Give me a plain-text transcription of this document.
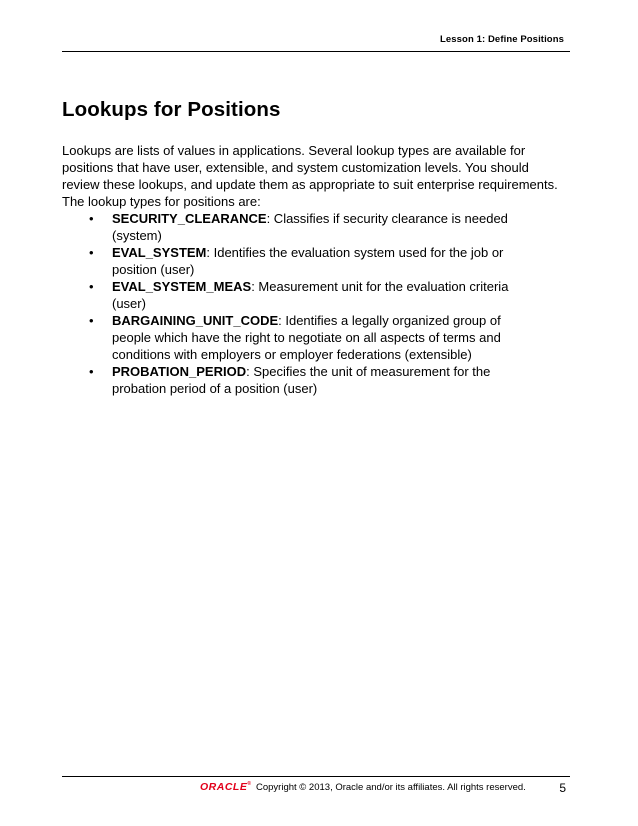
Lesson 1: Define Positions
Lookups for Positions

Lookups are lists of values in applications. Several lookup types are available for positions that have user, extensible, and system customization levels. You should review these lookups, and update them as appropriate to suit enterprise requirements. The lookup types for positions are:

• SECURITY_CLEARANCE: Classifies if security clearance is needed (system)
• EVAL_SYSTEM: Identifies the evaluation system used for the job or position (user)
• EVAL_SYSTEM_MEAS: Measurement unit for the evaluation criteria (user)
• BARGAINING_UNIT_CODE: Identifies a legally organized group of people which have the right to negotiate on all aspects of terms and conditions with employers or employer federations (extensible)
• PROBATION_PERIOD: Specifies the unit of measurement for the probation period of a position (user)
ORACLE® Copyright © 2013, Oracle and/or its affiliates. All rights reserved.	5
